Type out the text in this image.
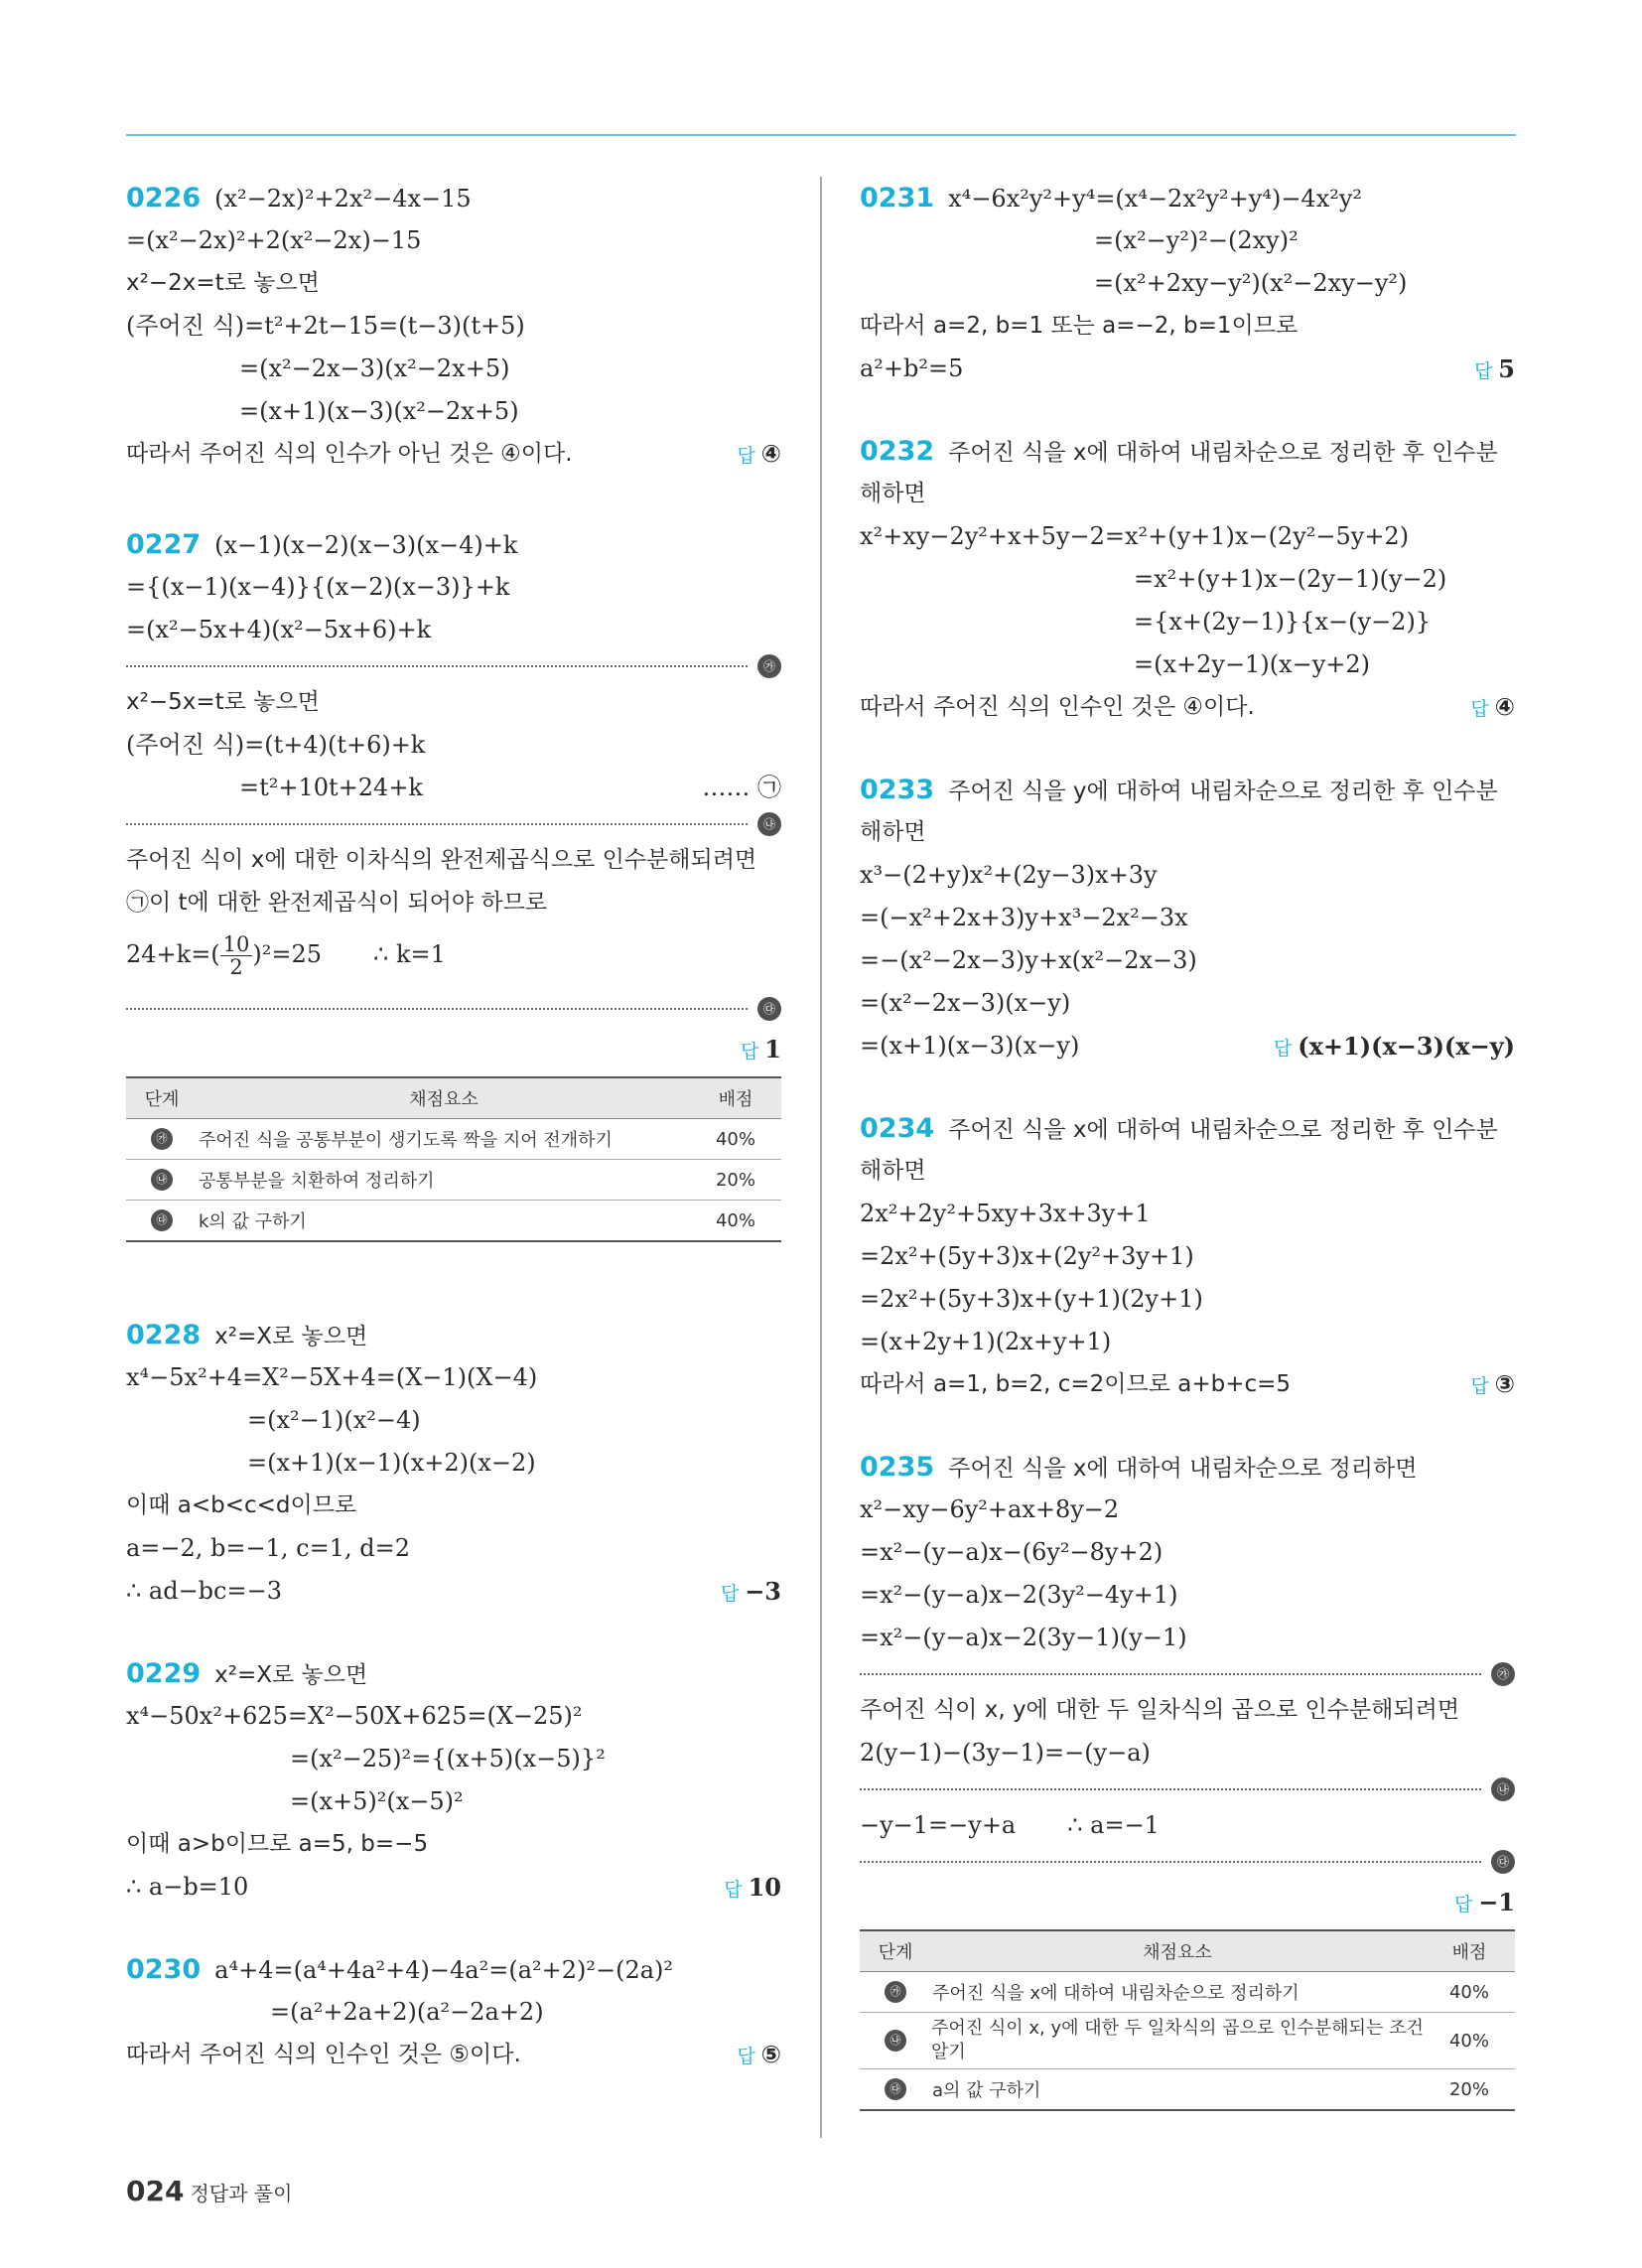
0226 (x²−2x)²+2x²−4x−15
=(x²−2x)²+2(x²−2x)−15
x²−2x=t로 놓으면
(주어진 식)=t²+2t−15=(t−3)(t+5)
=(x²−2x−3)(x²−2x+5)
=(x+1)(x−3)(x²−2x+5)
따라서 주어진 식의 인수가 아닌 것은 ④이다.	답 ④
0227 (x−1)(x−2)(x−3)(x−4)+k
={(x−1)(x−4)}{(x−2)(x−3)}+k
=(x²−5x+4)(x²−5x+6)+k
㉮
x²−5x=t로 놓으면
(주어진 식)=(t+4)(t+6)+k
=t²+10t+24+k	…… ㉠
㉯
주어진 식이 x에 대한 이차식의 완전제곱식으로 인수분해되려면
㉠이 t에 대한 완전제곱식이 되어야 하므로
$24+k=( \frac{10}{2} )^2=25$ ∴ k=1
㉰
답 1
단계	채점요소	배점
㉮	주어진 식을 공통부분이 생기도록 짝을 지어 전개하기	40%
㉯	공통부분을 치환하여 정리하기	20%
㉰	k의 값 구하기	40%
0228 x²=X로 놓으면
x⁴−5x²+4=X²−5X+4=(X−1)(X−4)
=(x²−1)(x²−4)
=(x+1)(x−1)(x+2)(x−2)
이때 a<b<c<d이므로
a=−2, b=−1, c=1, d=2
∴ ad−bc=−3	답 −3
0229 x²=X로 놓으면
x⁴−50x²+625=X²−50X+625=(X−25)²
=(x²−25)²={(x+5)(x−5)}²
=(x+5)²(x−5)²
이때 a>b이므로 a=5, b=−5
∴ a−b=10	답 10
0230 a⁴+4=(a⁴+4a²+4)−4a²=(a²+2)²−(2a)²
=(a²+2a+2)(a²−2a+2)
따라서 주어진 식의 인수인 것은 ⑤이다.	답 ⑤
0231 x⁴−6x²y²+y⁴=(x⁴−2x²y²+y⁴)−4x²y²
=(x²−y²)²−(2xy)²
=(x²+2xy−y²)(x²−2xy−y²)
따라서 a=2, b=1 또는 a=−2, b=1이므로
a²+b²=5	답 5
0232 주어진 식을 x에 대하여 내림차순으로 정리한 후 인수분
해하면
x²+xy−2y²+x+5y−2=x²+(y+1)x−(2y²−5y+2)
=x²+(y+1)x−(2y−1)(y−2)
={x+(2y−1)}{x−(y−2)}
=(x+2y−1)(x−y+2)
따라서 주어진 식의 인수인 것은 ④이다.	답 ④
0233 주어진 식을 y에 대하여 내림차순으로 정리한 후 인수분
해하면
x³−(2+y)x²+(2y−3)x+3y
=(−x²+2x+3)y+x³−2x²−3x
=−(x²−2x−3)y+x(x²−2x−3)
=(x²−2x−3)(x−y)
=(x+1)(x−3)(x−y)	답 (x+1)(x−3)(x−y)
0234 주어진 식을 x에 대하여 내림차순으로 정리한 후 인수분
해하면
2x²+2y²+5xy+3x+3y+1
=2x²+(5y+3)x+(2y²+3y+1)
=2x²+(5y+3)x+(y+1)(2y+1)
=(x+2y+1)(2x+y+1)
따라서 a=1, b=2, c=2이므로 a+b+c=5	답 ③
0235 주어진 식을 x에 대하여 내림차순으로 정리하면
x²−xy−6y²+ax+8y−2
=x²−(y−a)x−(6y²−8y+2)
=x²−(y−a)x−2(3y²−4y+1)
=x²−(y−a)x−2(3y−1)(y−1)
㉮
주어진 식이 x, y에 대한 두 일차식의 곱으로 인수분해되려면
2(y−1)−(3y−1)=−(y−a)
㉯
−y−1=−y+a ∴ a=−1
㉰
답 −1
단계	채점요소	배점
㉮	주어진 식을 x에 대하여 내림차순으로 정리하기	40%
㉯	주어진 식이 x, y에 대한 두 일차식의 곱으로 인수분해되는 조건 알기	40%
㉰	a의 값 구하기	20%
024 정답과 풀이
